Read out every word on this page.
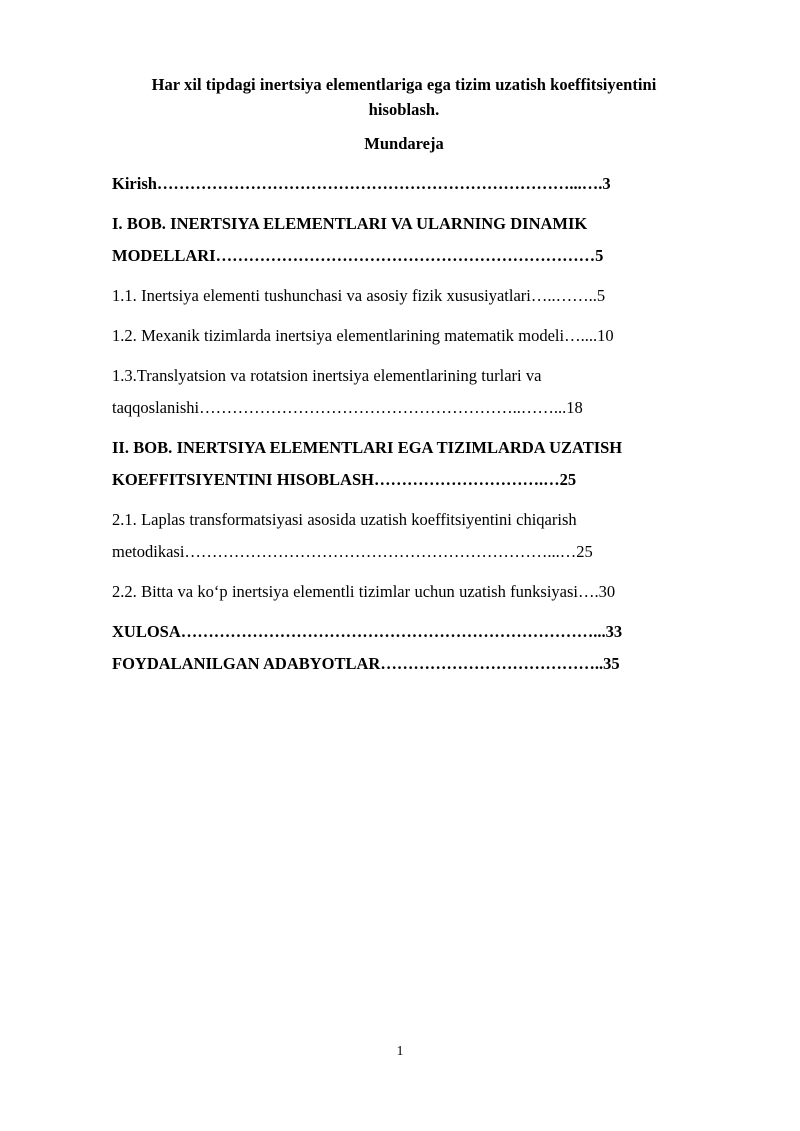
Har xil tipdagi inertsiya elementlariga ega tizim uzatish koeffitsiyentini hisoblash.
Mundareja
Kirish…………………………………………………………………...….3
I. BOB. INERTSIYA ELEMENTLARI VA ULARNING DINAMIK
MODELLARI……………………………………………………………5
1.1. Inertsiya elementi tushunchasi va asosiy fizik xususiyatlari…..……..5
1.2. Mexanik tizimlarda inertsiya elementlarining matematik modeli…....10
1.3.Translyatsion va rotatsion inertsiya elementlarining turlari va
taqqoslanishi…………………………………………………..……...18
II. BOB. INERTSIYA ELEMENTLARI EGA TIZIMLARDA UZATISH
KOEFFITSIYENTINI HISOBLASH………………………….…25
2.1. Laplas transformatsiyasi asosida uzatish koeffitsiyentini chiqarish
metodikasi…………………………………………………………...…25
2.2. Bitta va koʻp inertsiya elementli tizimlar uchun uzatish funksiyasi….30
XULOSA…………………………………………………………………...33
FOYDALANILGAN ADABYOTLAR…………………………………..35
1
